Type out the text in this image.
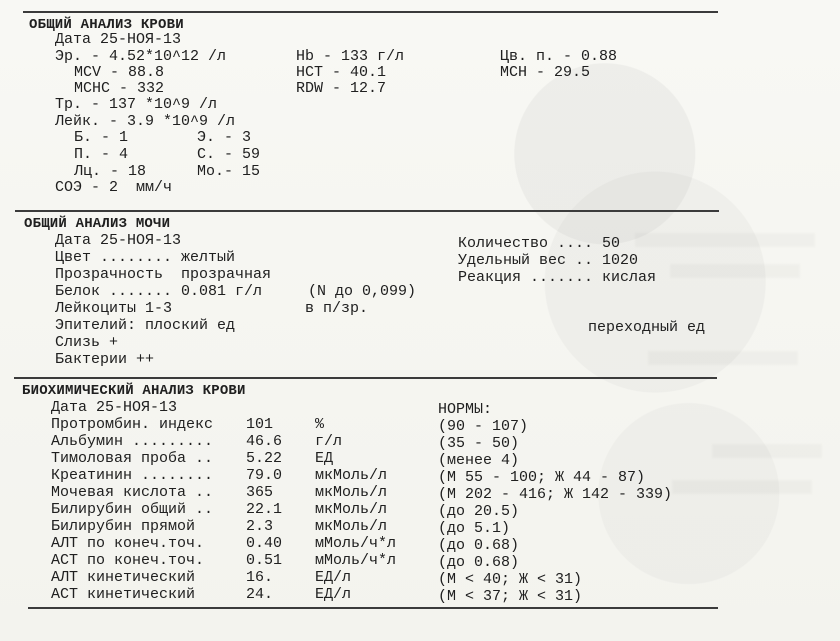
ОБЩИЙ АНАЛИЗ КРОВИ
Дата 25-НОЯ-13
Эр. - 4.52*10^12 /л	Hb - 133 г/л	Цв. п. - 0.88
MCV - 88.8	HCT - 40.1	MCH - 29.5
MCHC - 332	RDW - 12.7
Тр. - 137 *10^9 /л
Лейк. - 3.9 *10^9 /л
Б. - 1	Э. - 3
П. - 4	С. - 59
Лц. - 18	Мо.- 15
СОЭ - 2  мм/ч
ОБЩИЙ АНАЛИЗ МОЧИ
Дата 25-НОЯ-13
Цвет ........ желтый
Прозрачность  прозрачная
Белок ....... 0.081 г/л	(N до 0,099)
Лейкоциты 1-3	в п/зр.
Эпителий: плоский ед	переходный ед
Слизь +
Бактерии ++
Количество .... 50
Удельный вес .. 1020
Реакция ....... кислая
БИОХИМИЧЕСКИЙ АНАЛИЗ КРОВИ
Дата 25-НОЯ-13	НОРМЫ:
Протромбин. индекс 101	%	(90 - 107)
Альбумин ......... 46.6 г/л	(35 - 50)
Тимоловая проба .. 5.22 ЕД	(менее 4)
Креатинин ........ 79.0 мкМоль/л	(М 55 - 100; Ж 44 - 87)
Мочевая кислота .. 365	мкМоль/л	(М 202 - 416; Ж 142 - 339)
Билирубин общий .. 22.1 мкМоль/л	(до 20.5)
Билирубин прямой	2.3	мкМоль/л	(до 5.1)
АЛТ по конеч.точ.	0.40 мМоль/ч*л	(до 0.68)
АСТ по конеч.точ.	0.51 мМоль/ч*л	(до 0.68)
АЛТ кинетический	16.	ЕД/л	(М < 40; Ж < 31)
АСТ кинетический	24.	ЕД/л	(М < 37; Ж < 31)
